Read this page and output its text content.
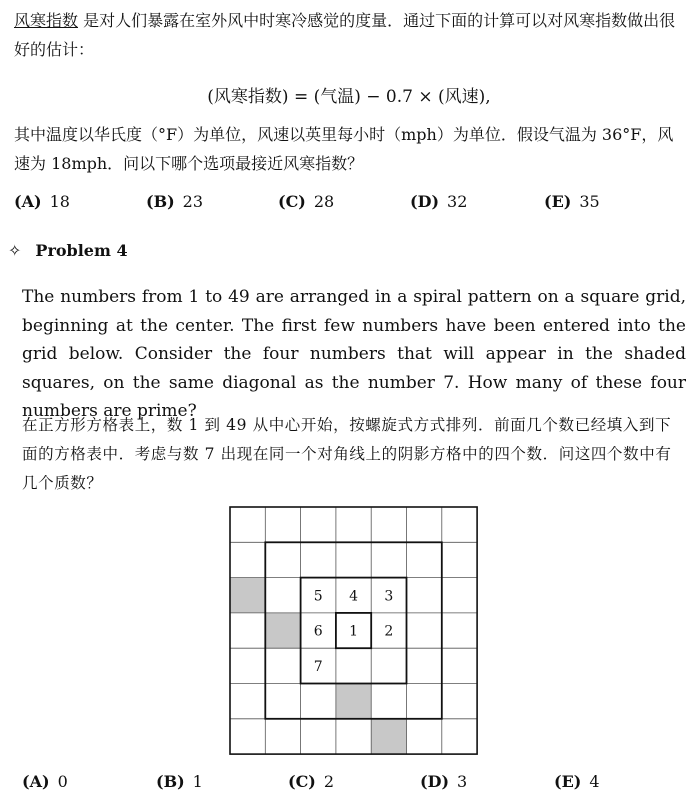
风寒指数 是对人们暴露在室外风中时寒冷感觉的度量．通过下面的计算可以对风寒指数做出很好的估计：

(风寒指数) = (气温) − 0.7 × (风速),

其中温度以华氏度（°F）为单位，风速以英里每小时（mph）为单位．假设气温为 36°F，风速为 18mph．问以下哪个选项最接近风寒指数？

(A) 18	(B) 23	(C) 28	(D) 32	(E) 35
✧ Problem 4

The numbers from 1 to 49 are arranged in a spiral pattern on a square grid, beginning at the center. The first few numbers have been entered into the grid below. Consider the four numbers that will appear in the shaded squares, on the same diagonal as the number 7. How many of these four numbers are prime?

在正方形方格表上，数 1 到 49 从中心开始，按螺旋式方式排列．前面几个数已经填入到下面的方格表中．考虑与数 7 出现在同一个对角线上的阴影方格中的四个数．问这四个数中有几个质数？

5 4 3
6 1 2
7
(A) 0	(B) 1	(C) 2	(D) 3	(E) 4
